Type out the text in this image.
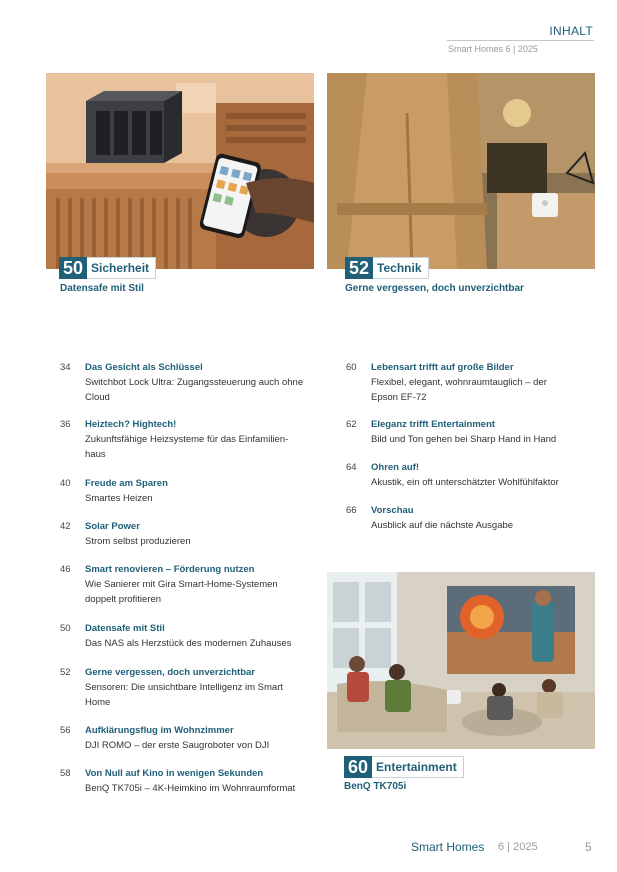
INHALT
Smart Homes 6 | 2025
50 Sicherheit
Datensafe mit Stil
52 Technik
Gerne vergessen, doch unverzichtbar
34 Das Gesicht als Schlüssel
Switchbot Lock Ultra: Zugangssteuerung auch ohne Cloud
36 Heiztech? Hightech!
Zukunftsfähige Heizsysteme für das Einfamilien-haus
40 Freude am Sparen
Smartes Heizen
42 Solar Power
Strom selbst produzieren
46 Smart renovieren – Förderung nutzen
Wie Sanierer mit Gira Smart-Home-Systemen doppelt profitieren
50 Datensafe mit Stil
Das NAS als Herzstück des modernen Zuhauses
52 Gerne vergessen, doch unverzichtbar
Sensoren: Die unsichtbare Intelligenz im Smart Home
56 Aufklärungsflug im Wohnzimmer
DJI ROMO – der erste Saugroboter von DJI
58 Von Null auf Kino in wenigen Sekunden
BenQ TK705i – 4K-Heimkino im Wohnraumformat
60 Lebensart trifft auf große Bilder
Flexibel, elegant, wohnraumtauglich – der Epson EF-72
62 Eleganz trifft Entertainment
Bild und Ton gehen bei Sharp Hand in Hand
64 Ohren auf!
Akustik, ein oft unterschätzter Wohlfühlfaktor
66 Vorschau
Ausblick auf die nächste Ausgabe
60 Entertainment
BenQ TK705i
Smart Homes 6 | 2025	5
